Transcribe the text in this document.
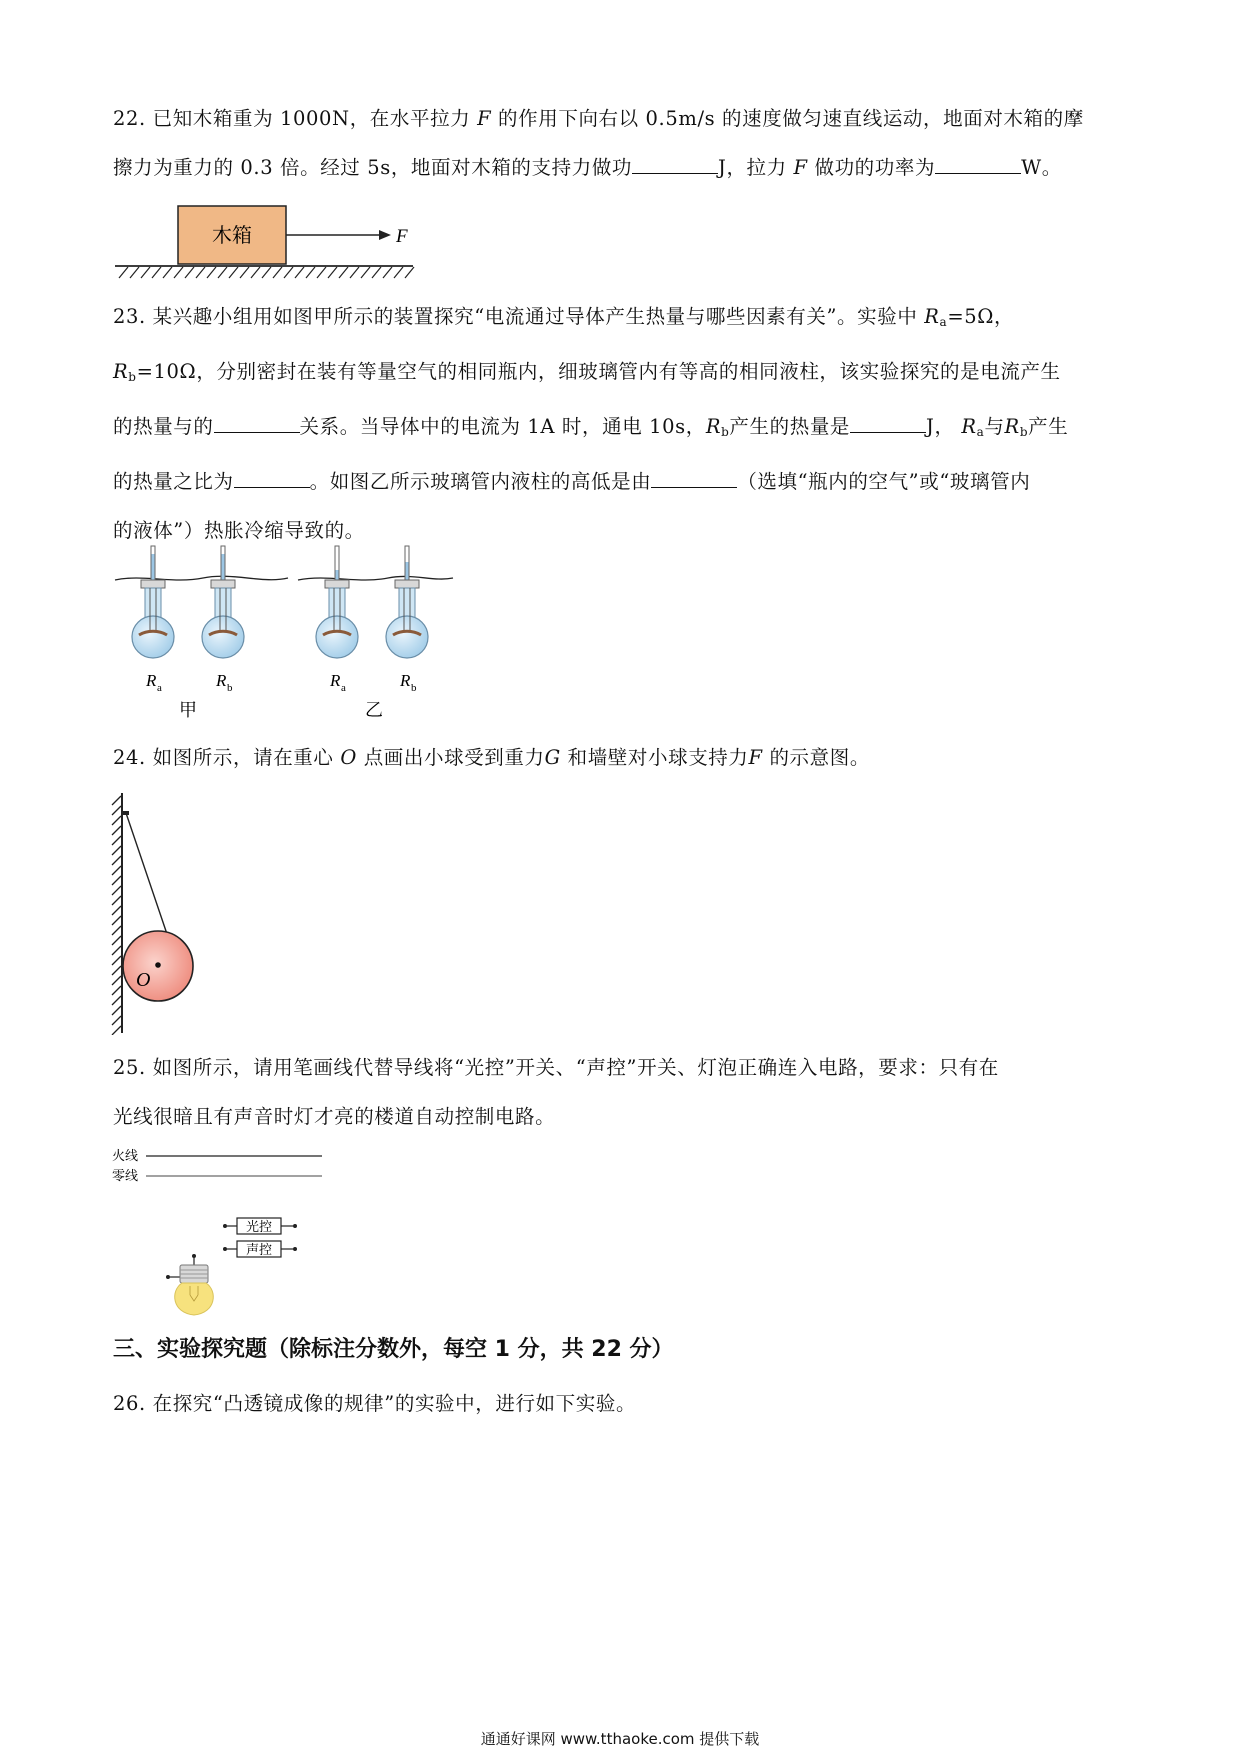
22. 已知木箱重为 1000N，在水平拉力 F 的作用下向右以 0.5m/s 的速度做匀速直线运动，地面对木箱的摩

擦力为重力的 0.3 倍。经过 5s，地面对木箱的支持力做功	J，拉力 F 做功的功率为	W。

木箱	F

23. 某兴趣小组用如图甲所示的装置探究“电流通过导体产生热量与哪些因素有关”。实验中 $R_a=5\Omega$，

$R_b=10\Omega$，分别密封在装有等量空气的相同瓶内，细玻璃管内有等高的相同液柱，该实验探究的是电流产生

的热量与的	关系。当导体中的电流为 1A 时，通电 10s，$R_b$产生的热量是	J， $R_a$与$R_b$产生

的热量之比为	。如图乙所示玻璃管内液柱的高低是由	（选填“瓶内的空气”或“玻璃管内

的液体”）热胀冷缩导致的。

R a	R b	R a	R b
甲	乙

24. 如图所示，请在重心 O 点画出小球受到重力G 和墙壁对小球支持力F 的示意图。

O

25. 如图所示，请用笔画线代替导线将“光控”开关、“声控”开关、灯泡正确连入电路，要求：只有在

光线很暗且有声音时灯才亮的楼道自动控制电路。

火线
零线
光控
声控
三、实验探究题（除标注分数外，每空 1 分，共 22 分）

26. 在探究“凸透镜成像的规律”的实验中，进行如下实验。

通通好课网 www.tthaoke.com 提供下载
